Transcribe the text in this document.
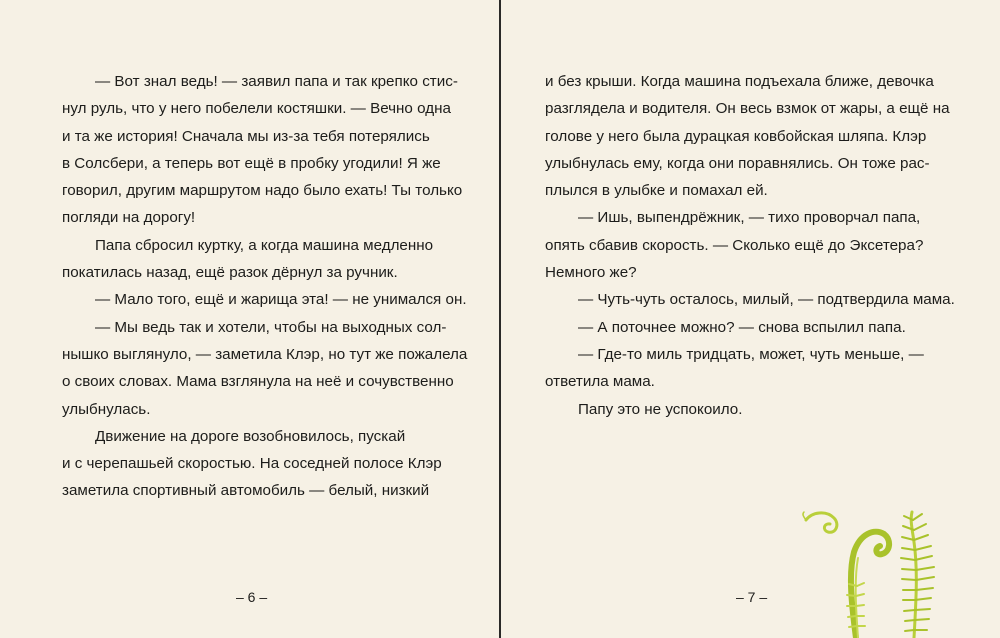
— Вот знал ведь! — заявил папа и так крепко стис-
нул руль, что у него побелели костяшки. — Вечно одна
и та же история! Сначала мы из-за тебя потерялись
в Солсбери, а теперь вот ещё в пробку угодили! Я же
говорил, другим маршрутом надо было ехать! Ты только
погляди на дорогу!
Папа сбросил куртку, а когда машина медленно
покатилась назад, ещё разок дёрнул за ручник.
— Мало того, ещё и жарища эта! — не унимался он.
— Мы ведь так и хотели, чтобы на выходных сол-
нышко выглянуло, — заметила Клэр, но тут же пожалела
о своих словах. Мама взглянула на неё и сочувственно
улыбнулась.
Движение на дороге возобновилось, пускай
и с черепашьей скоростью. На соседней полосе Клэр
заметила спортивный автомобиль — белый, низкий
– 6 –
и без крыши. Когда машина подъехала ближе, девочка
разглядела и водителя. Он весь взмок от жары, а ещё на
голове у него была дурацкая ковбойская шляпа. Клэр
улыбнулась ему, когда они поравнялись. Он тоже рас-
плылся в улыбке и помахал ей.
— Ишь, выпендрёжник, — тихо проворчал папа,
опять сбавив скорость. — Сколько ещё до Эксетера?
Немного же?
— Чуть-чуть осталось, милый, — подтвердила мама.
— А поточнее можно? — снова вспылил папа.
— Где-то миль тридцать, может, чуть меньше, —
ответила мама.
Папу это не успокоило.
– 7 –
